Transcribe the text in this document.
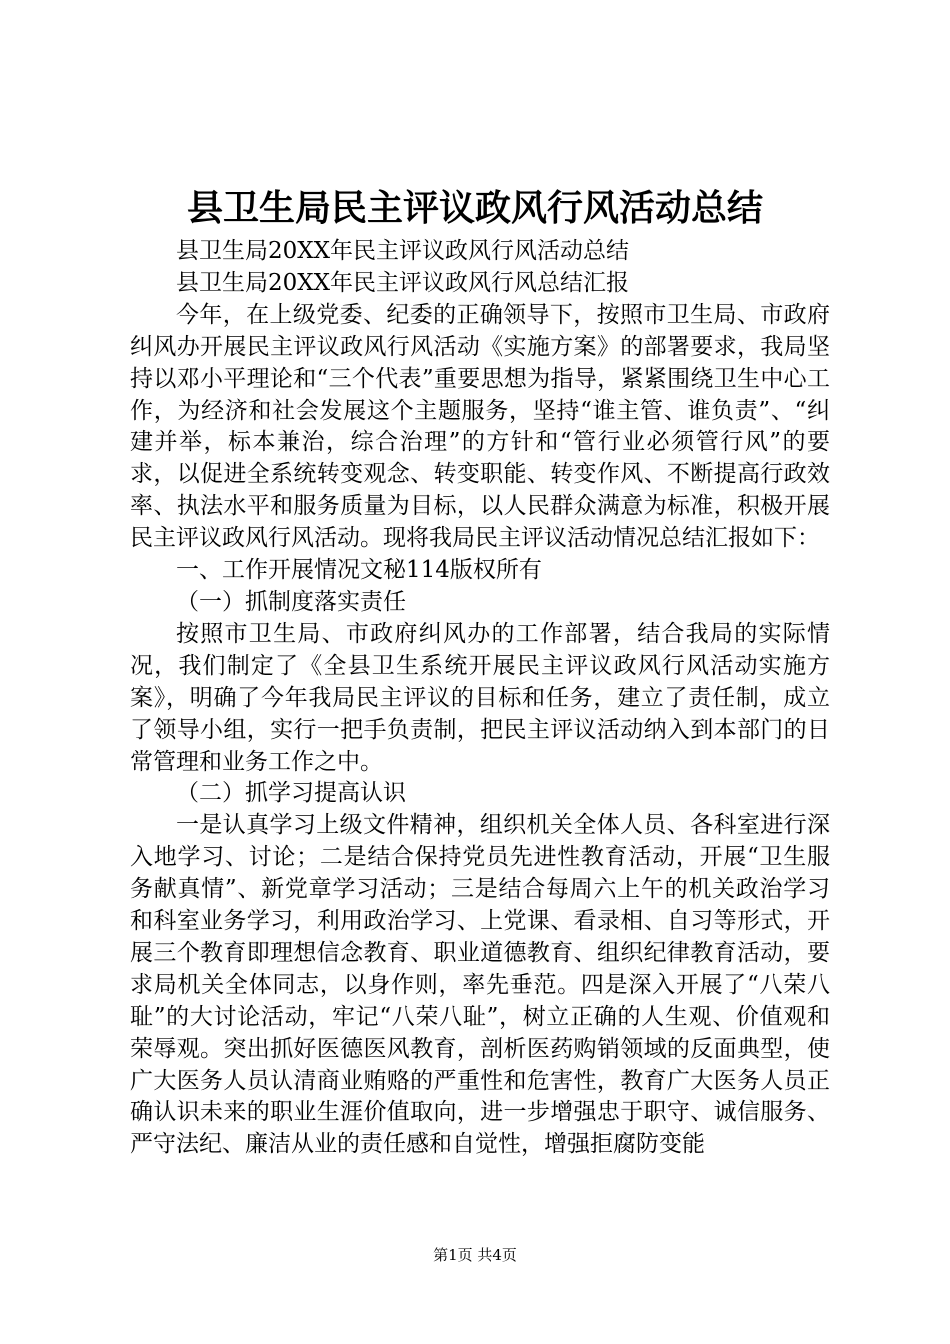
县卫生局民主评议政风行风活动总结

县卫生局20XX年民主评议政风行风活动总结

县卫生局20XX年民主评议政风行风总结汇报

今年，在上级党委、纪委的正确领导下，按照市卫生局、市政府纠风办开展民主评议政风行风活动《实施方案》的部署要求，我局坚持以邓小平理论和“三个代表”重要思想为指导，紧紧围绕卫生中心工作，为经济和社会发展这个主题服务，坚持“谁主管、谁负责”、“纠建并举，标本兼治，综合治理”的方针和“管行业必须管行风”的要求，以促进全系统转变观念、转变职能、转变作风、不断提高行政效率、执法水平和服务质量为目标，以人民群众满意为标准，积极开展民主评议政风行风活动。现将我局民主评议活动情况总结汇报如下：

一、工作开展情况文秘114版权所有

（一）抓制度落实责任

按照市卫生局、市政府纠风办的工作部署，结合我局的实际情况，我们制定了《全县卫生系统开展民主评议政风行风活动实施方案》，明确了今年我局民主评议的目标和任务，建立了责任制，成立了领导小组，实行一把手负责制，把民主评议活动纳入到本部门的日常管理和业务工作之中。

（二）抓学习提高认识

一是认真学习上级文件精神，组织机关全体人员、各科室进行深入地学习、讨论；二是结合保持党员先进性教育活动，开展“卫生服务献真情”、新党章学习活动；三是结合每周六上午的机关政治学习和科室业务学习，利用政治学习、上党课、看录相、自习等形式，开展三个教育即理想信念教育、职业道德教育、组织纪律教育活动，要求局机关全体同志，以身作则，率先垂范。四是深入开展了“八荣八耻”的大讨论活动，牢记“八荣八耻”，树立正确的人生观、价值观和荣辱观。突出抓好医德医风教育，剖析医药购销领域的反面典型，使广大医务人员认清商业贿赂的严重性和危害性，教育广大医务人员正确认识未来的职业生涯价值取向，进一步增强忠于职守、诚信服务、严守法纪、廉洁从业的责任感和自觉性，增强拒腐防变能

第1页 共4页
